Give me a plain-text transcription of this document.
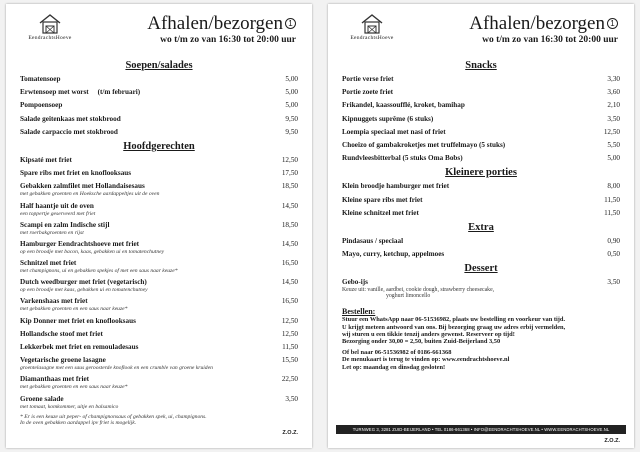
EendrachtsHoeve
Afhalen/bezorgen 1
wo t/m zo van 16:30 tot 20:00 uur
Soepen/salades
Tomatensoep	5,00
Erwtensoep met worst     (t/m februari)	5,00
Pompoensoep	5,00
Salade geitenkaas met stokbrood	9,50
Salade carpaccio met stokbrood	9,50
Hoofdgerechten
Kipsaté met friet	12,50
Spare ribs met friet en knoflooksaus	17,50
Gebakken zalmfilet met Hollandaisesaus	18,50
met gebakken groenten en Hoeksche aardappeltjes uit de oven
Half haantje uit de oven	14,50
een toppertje geserveerd met friet
Scampi en zalm Indische stijl	18,50
met roerbakgroenten en rijst
Hamburger Eendrachtshoeve met friet	14,50
op een broodje met bacon, kaas, gebakken ui en tomatenchutney
Schnitzel met friet	16,50
met champignons, ui en gebakken spekjes of met een saus naar keuze*
Dutch weedburger met friet (vegetarisch)	14,50
op een broodje met kaas, gebakken ui en tomatenchutney
Varkenshaas met friet	16,50
met gebakken groenten en een saus naar keuze*
Kip Donner met friet en knoflooksaus	12,50
Hollandsche stoof met friet	12,50
Lekkerbek met friet en remouladesaus	11,50
Vegetarische groene lasagne	15,50
groentelasagne met een saus geroosterde knoflook en een crumble van groene kruiden
Diamanthaas met friet	22,50
met gebakken groenten en een saus naar keuze*
Groene salade	3,50
met tomaat, komkommer, uitje en balsamico
* Er is een keuze uit peper- of champignonsaus of gebakken spek, ui, champignons.
In de oven gebakken aardappel ipv friet is mogelijk.
Z.O.Z.
EendrachtsHoeve
Afhalen/bezorgen 1
wo t/m zo van 16:30 tot 20:00 uur
Snacks
Portie verse friet	3,30
Portie zoete friet	3,60
Frikandel, kaassoufflé, kroket, bamihap	2,10
Kipnuggets suprême (6 stuks)	3,50
Loempia speciaal met nasi of friet	12,50
Choeizo of gambakroketjes met truffelmayo (5 stuks)	5,50
Rundvleesbitterbal (5 stuks Oma Bobs)	5,00
Kleinere porties
Klein broodje hamburger met friet	8,00
Kleine spare ribs met friet	11,50
Kleine schnitzel met friet	11,50
Extra
Pindasaus / speciaal	0,90
Mayo, curry, ketchup, appelmoes	0,50
Dessert
Gebo-ijs	3,50
Keuze uit: vanille, aardbei, cookie dough, strawberry cheesecake,
yoghurt limoncello
Bestellen:
Stuur een WhatsApp naar 06-51536982, plaats uw bestelling en voorkeur van tijd.
U krijgt meteen antwoord van ons. Bij bezorging graag uw adres erbij vermelden,
wij sturen u een tikkie tenzij anders gewenst. Reserveer op tijd!
Bezorging onder 30,00 = 2,50, buiten Zuid-Beijerland 3,50
Of bel naar 06-51536982 of 0186-661368
De menukaart is terug te vinden op: www.eendrachtshoeve.nl
Let op: maandag en dinsdag gesloten!
TURNWEG 3, 3281 ZUID-BEIJERLAND • TEL 0186-661368 • INFO@EENDRACHTSHOEVE.NL • WWW.EENDRACHTSHOEVE.NL
Z.O.Z.
